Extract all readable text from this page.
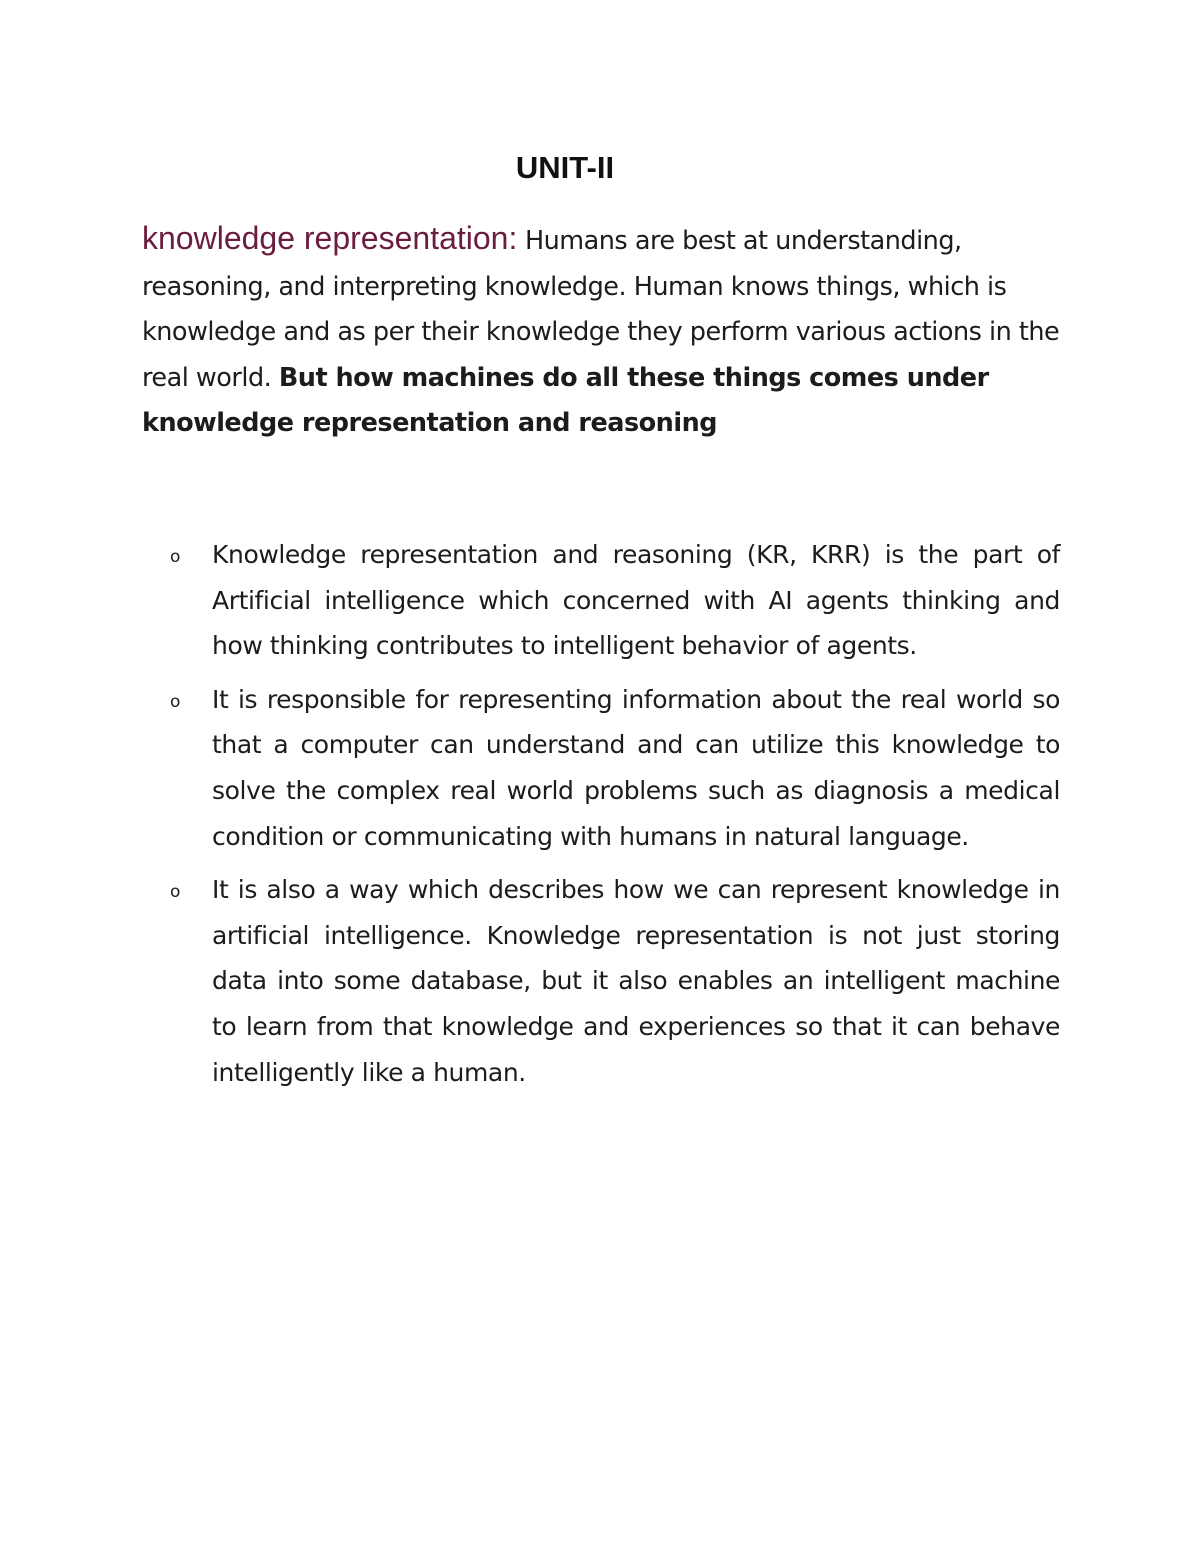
UNIT-II

knowledge representation: Humans are best at understanding, reasoning, and interpreting knowledge. Human knows things, which is knowledge and as per their knowledge they perform various actions in the real world. But how machines do all these things comes under knowledge representation and reasoning

o Knowledge representation and reasoning (KR, KRR) is the part of Artificial intelligence which concerned with AI agents thinking and how thinking contributes to intelligent behavior of agents.
o It is responsible for representing information about the real world so that a computer can understand and can utilize this knowledge to solve the complex real world problems such as diagnosis a medical condition or communicating with humans in natural language.
o It is also a way which describes how we can represent knowledge in artificial intelligence. Knowledge representation is not just storing data into some database, but it also enables an intelligent machine to learn from that knowledge and experiences so that it can behave intelligently like a human.
